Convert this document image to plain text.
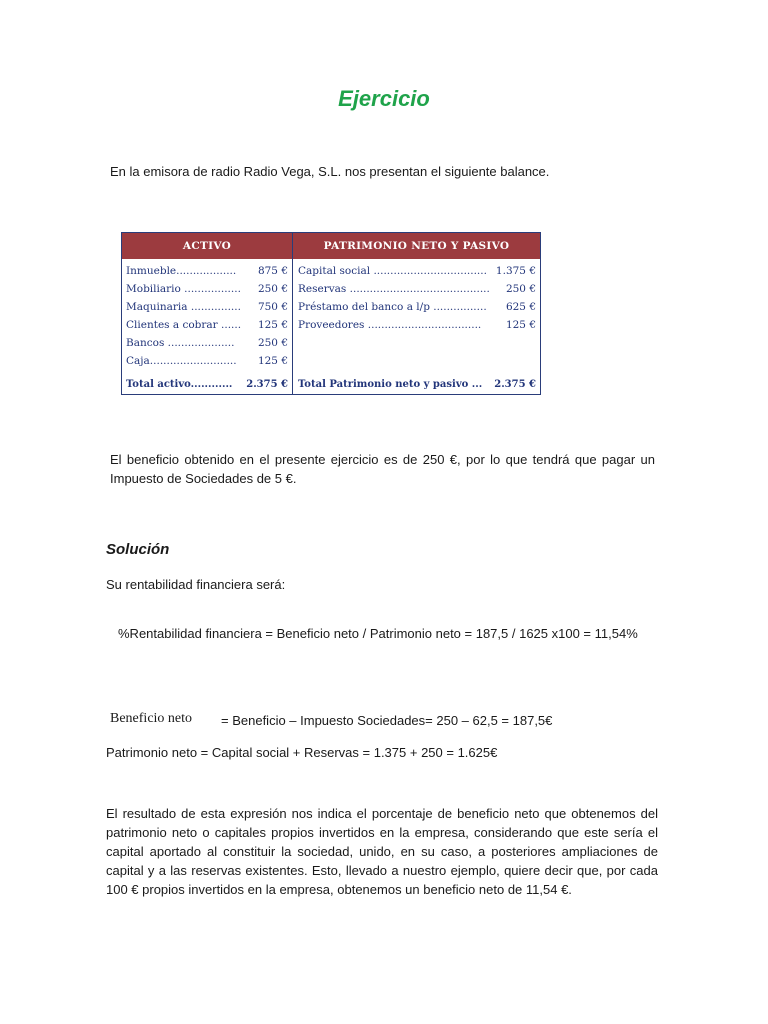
Ejercicio
En la emisora de radio Radio Vega, S.L. nos presentan el siguiente balance.
ACTIVO	PATRIMONIO NETO Y PASIVO
Inmueble.................. 875 €
Mobiliario ................. 250 €
Maquinaria ............... 750 €
Clientes a cobrar ...... 125 €
Bancos .................... 250 €
Caja.......................... 125 €
Total activo............ 2.375 €
Capital social .................................. 1.375 €
Reservas .......................................... 250 €
Préstamo del banco a l/p ................ 625 €
Proveedores .................................. 125 €
Total Patrimonio neto y pasivo ... 2.375 €
El beneficio obtenido en el presente ejercicio es de 250 €, por lo que tendrá que pagar un Impuesto de Sociedades de 5 €.
Solución
Su rentabilidad financiera será:
%Rentabilidad financiera = Beneficio neto / Patrimonio neto = 187,5 / 1625 x100 = 11,54%
Beneficio neto = Beneficio – Impuesto Sociedades= 250 – 62,5 = 187,5€
Patrimonio neto = Capital social + Reservas = 1.375 + 250 = 1.625€
El resultado de esta expresión nos indica el porcentaje de beneficio neto que obtenemos del patrimonio neto o capitales propios invertidos en la empresa, considerando que este sería el capital aportado al constituir la sociedad, unido, en su caso, a posteriores ampliaciones de capital y a las reservas existentes. Esto, llevado a nuestro ejemplo, quiere decir que, por cada 100 € propios invertidos en la empresa, obtenemos un beneficio neto de 11,54 €.
